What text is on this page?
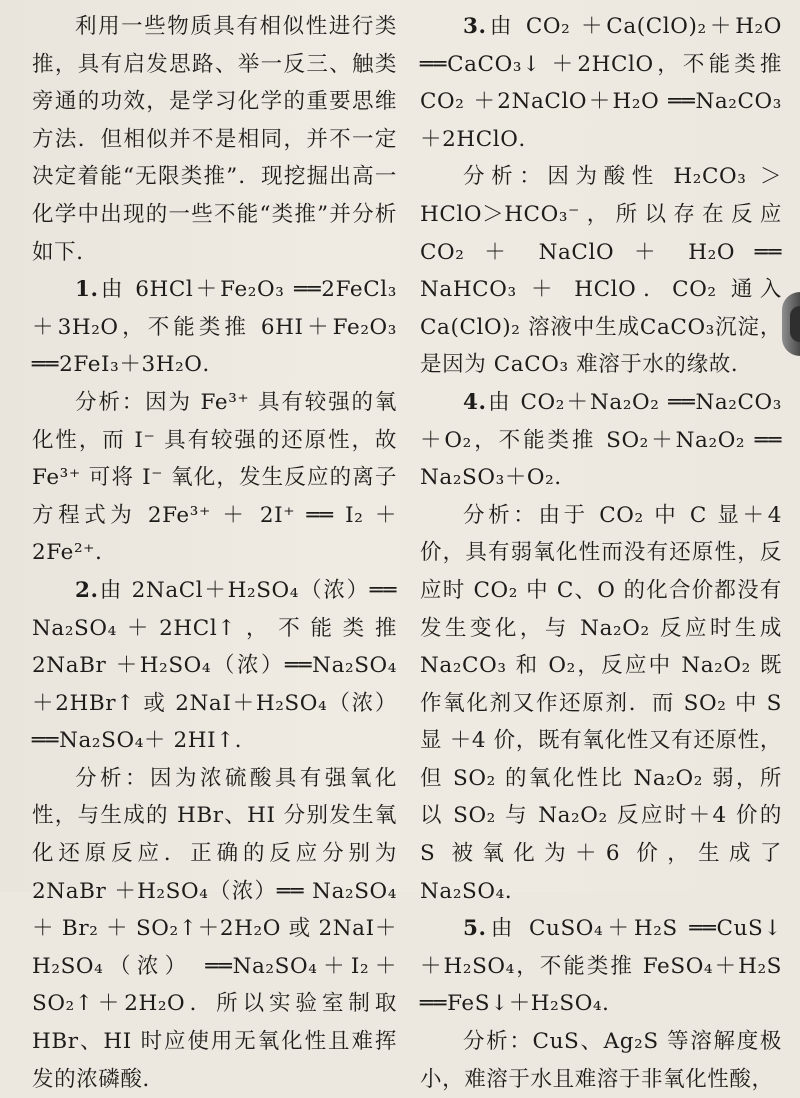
利用一些物质具有相似性进行类推，具有启发思路、举一反三、触类旁通的功效，是学习化学的重要思维方法．但相似并不是相同，并不一定决定着能“无限类推”．现挖掘出高一化学中出现的一些不能“类推”并分析如下．

1.由 6HCl＋Fe₂O₃ ══2FeCl₃ ＋3H₂O，不能类推 6HI＋Fe₂O₃ ══2FeI₃＋3H₂O．

分析：因为 Fe³⁺ 具有较强的氧化性，而 I⁻ 具有较强的还原性，故 Fe³⁺ 可将 I⁻ 氧化，发生反应的离子方程式为 2Fe³⁺ ＋ 2I⁺ ══ I₂ ＋ 2Fe²⁺．

2.由 2NaCl＋H₂SO₄（浓）══ Na₂SO₄＋2HCl↑，不能类推 2NaBr ＋H₂SO₄（浓）══Na₂SO₄＋2HBr↑ 或 2NaI＋H₂SO₄（浓）══Na₂SO₄＋ 2HI↑．

分析：因为浓硫酸具有强氧化性，与生成的 HBr、HI 分别发生氧化还原反应．正确的反应分别为 2NaBr ＋H₂SO₄（浓）══ Na₂SO₄ ＋ Br₂ ＋ SO₂↑＋2H₂O 或 2NaI＋H₂SO₄（浓） ══Na₂SO₄＋I₂＋SO₂↑＋2H₂O．所以实验室制取 HBr、HI 时应使用无氧化性且难挥发的浓磷酸．

3.由 CO₂ ＋Ca(ClO)₂＋H₂O ══CaCO₃↓ ＋2HClO，不能类推 CO₂ ＋2NaClO＋H₂O ══Na₂CO₃ ＋2HClO．

分析：因为酸性 H₂CO₃ ＞ HClO＞HCO₃⁻，所以存在反应 CO₂ ＋ NaClO ＋ H₂O ══ NaHCO₃ ＋ HClO．CO₂ 通入 Ca(ClO)₂ 溶液中生成CaCO₃沉淀，是因为 CaCO₃ 难溶于水的缘故．

4.由 CO₂＋Na₂O₂ ══Na₂CO₃ ＋O₂，不能类推 SO₂＋Na₂O₂ ══ Na₂SO₃＋O₂．

分析：由于 CO₂ 中 C 显＋4 价，具有弱氧化性而没有还原性，反应时 CO₂ 中 C、O 的化合价都没有发生变化，与 Na₂O₂ 反应时生成 Na₂CO₃ 和 O₂，反应中 Na₂O₂ 既作氧化剂又作还原剂．而 SO₂ 中 S 显 ＋4 价，既有氧化性又有还原性，但 SO₂ 的氧化性比 Na₂O₂ 弱，所以 SO₂ 与 Na₂O₂ 反应时＋4 价的 S 被氧化为＋6 价，生成了 Na₂SO₄．

5.由 CuSO₄＋H₂S ══CuS↓ ＋H₂SO₄，不能类推 FeSO₄＋H₂S ══FeS↓＋H₂SO₄．

分析：CuS、Ag₂S 等溶解度极小，难溶于水且难溶于非氧化性酸，
